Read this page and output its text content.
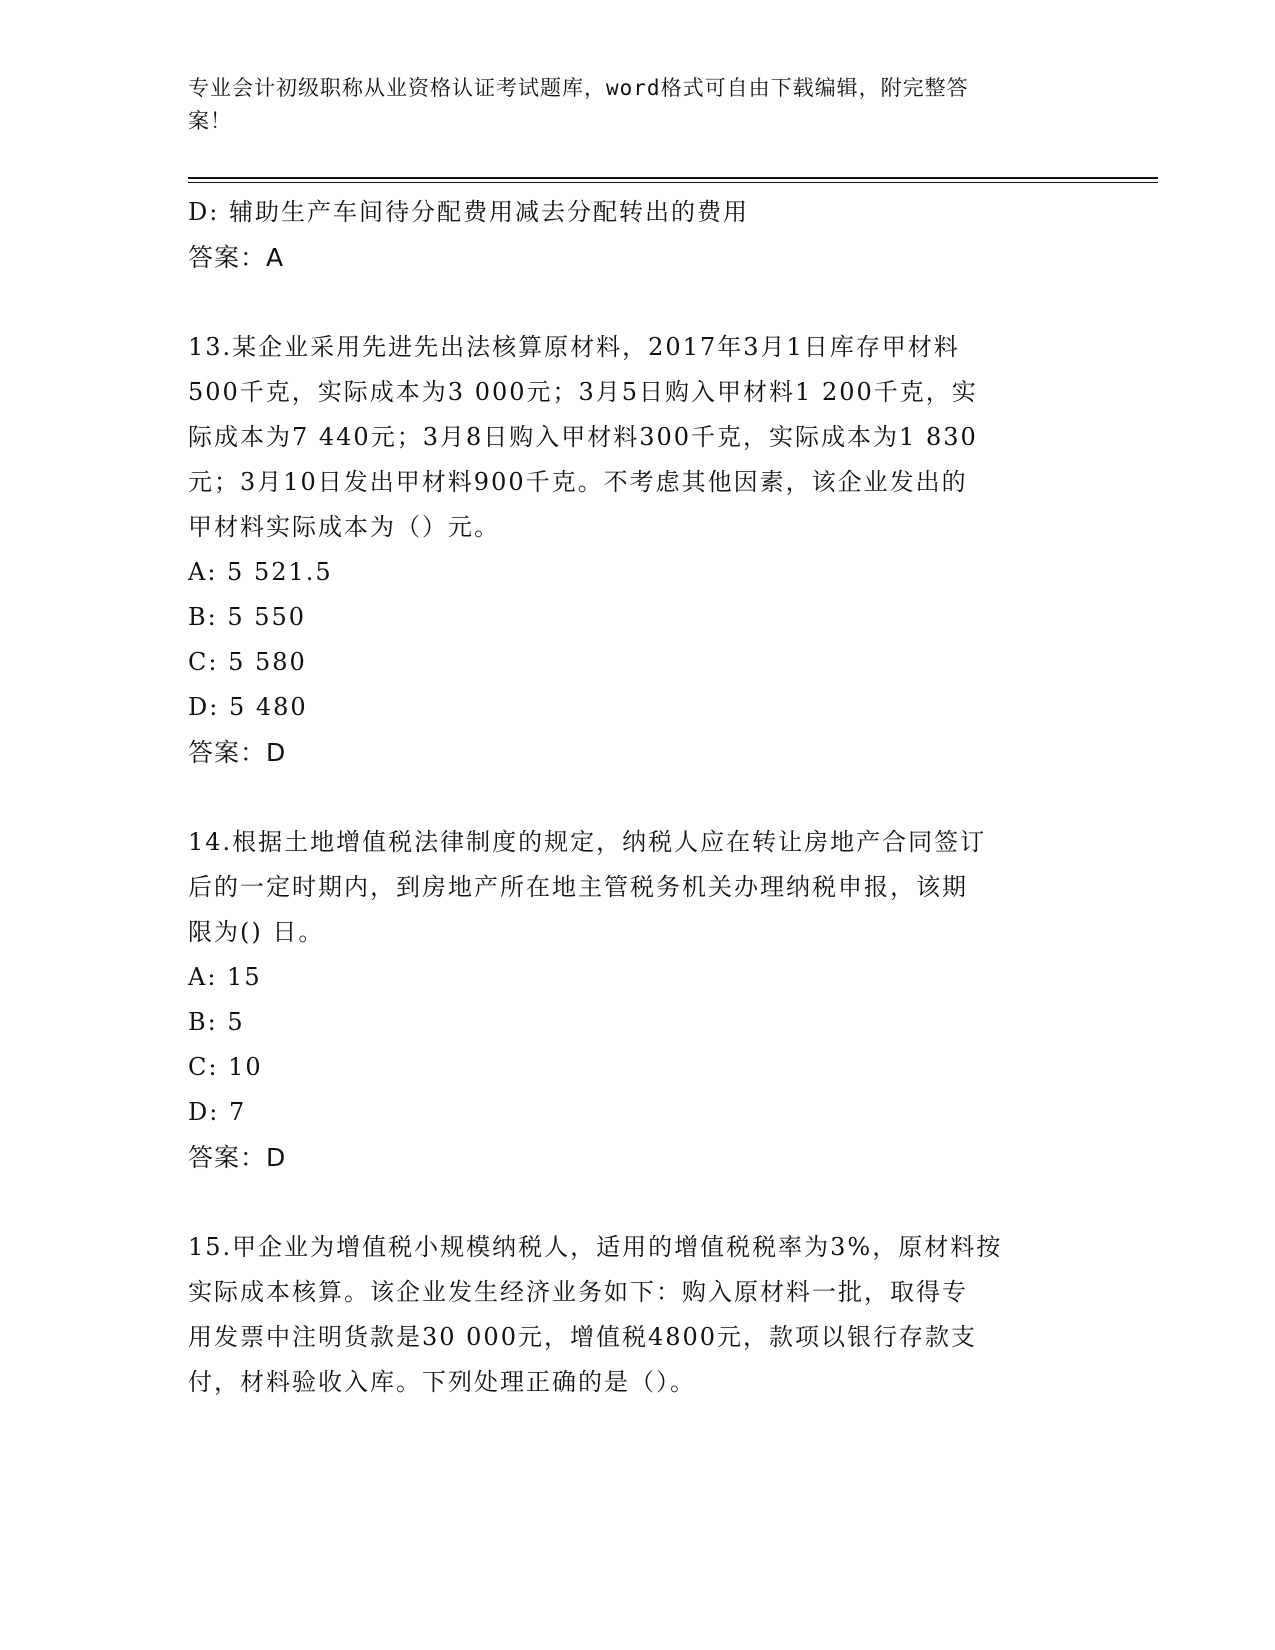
专业会计初级职称从业资格认证考试题库，word格式可自由下载编辑，附完整答
案！
D: 辅助生产车间待分配费用减去分配转出的费用
答案：A
13.某企业采用先进先出法核算原材料，2017年3月1日库存甲材料
500千克，实际成本为3 000元；3月5日购入甲材料1 200千克，实
际成本为7 440元；3月8日购入甲材料300千克，实际成本为1 830
元；3月10日发出甲材料900千克。不考虑其他因素，该企业发出的
甲材料实际成本为（）元。
A: 5 521.5
B: 5 550
C: 5 580
D: 5 480
答案：D
14.根据土地增值税法律制度的规定，纳税人应在转让房地产合同签订
后的一定时期内，到房地产所在地主管税务机关办理纳税申报，该期
限为() 日。
A: 15
B: 5
C: 10
D: 7
答案：D
15.甲企业为增值税小规模纳税人，适用的增值税税率为3%，原材料按
实际成本核算。该企业发生经济业务如下：购入原材料一批，取得专
用发票中注明货款是30 000元，增值税4800元，款项以银行存款支
付，材料验收入库。下列处理正确的是（）。
